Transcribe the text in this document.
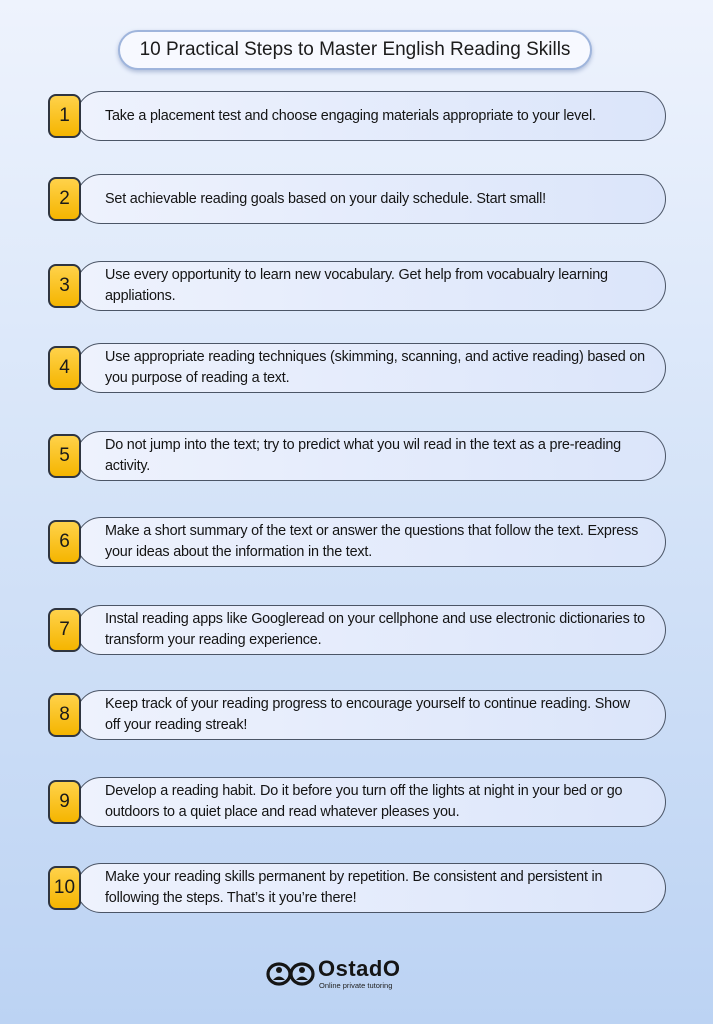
10 Practical Steps to Master English Reading Skills
1	Take a placement test and choose engaging materials appropriate to your level.
2	Set achievable reading goals based on your daily schedule. Start small!
3	Use every opportunity to learn new vocabulary. Get help from vocabualry learning appliations.
4	Use appropriate reading techniques (skimming, scanning, and active reading) based on you purpose of reading a text.
5	Do not jump into the text; try to predict what you wil read in the text as a pre-reading activity.
6	Make a short summary of the text or answer the questions that follow the text. Express your ideas about the information in the text.
7	Instal reading apps like Googleread on your cellphone and use electronic dictionaries to transform your reading experience.
8	Keep track of your reading progress to encourage yourself to continue reading. Show off your reading streak!
9	Develop a reading habit. Do it before you turn off the lights at night in your bed or go outdoors to a quiet place and read whatever pleases you.
10	Make your reading skills permanent by repetition. Be consistent and persistent in following the steps. That’s it you’re there!
OstadO
Online private tutoring
